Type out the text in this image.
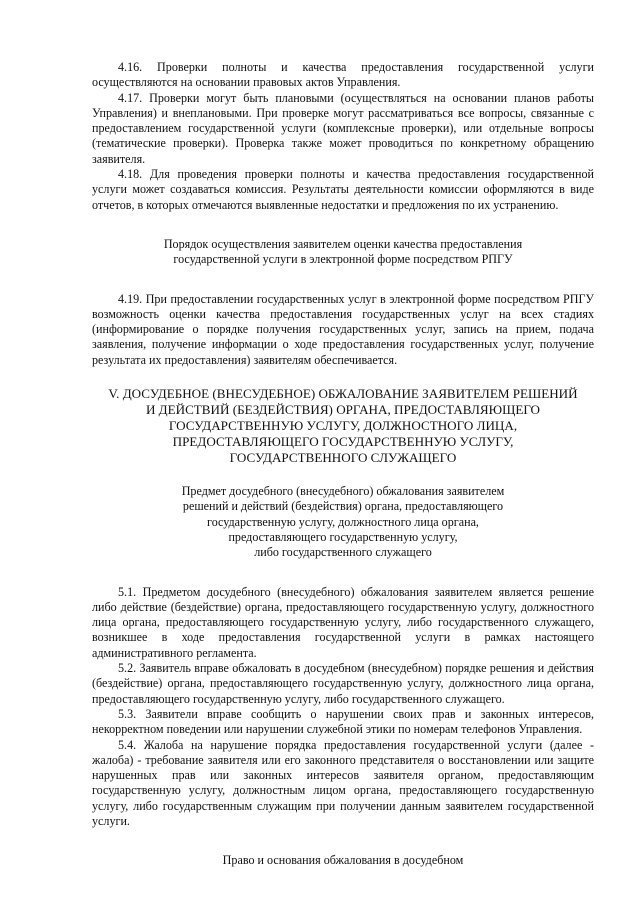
4.16. Проверки полноты и качества предоставления государственной услуги осуществляются на основании правовых актов Управления.

4.17. Проверки могут быть плановыми (осуществляться на основании планов работы Управления) и внеплановыми. При проверке могут рассматриваться все вопросы, связанные с предоставлением государственной услуги (комплексные проверки), или отдельные вопросы (тематические проверки). Проверка также может проводиться по конкретному обращению заявителя.

4.18. Для проведения проверки полноты и качества предоставления государственной услуги может создаваться комиссия. Результаты деятельности комиссии оформляются в виде отчетов, в которых отмечаются выявленные недостатки и предложения по их устранению.

Порядок осуществления заявителем оценки качества предоставления

государственной услуги в электронной форме посредством РПГУ

4.19. При предоставлении государственных услуг в электронной форме посредством РПГУ возможность оценки качества предоставления государственных услуг на всех стадиях (информирование о порядке получения государственных услуг, запись на прием, подача заявления, получение информации о ходе предоставления государственных услуг, получение результата их предоставления) заявителям обеспечивается.

V. ДОСУДЕБНОЕ (ВНЕСУДЕБНОЕ) ОБЖАЛОВАНИЕ ЗАЯВИТЕЛЕМ РЕШЕНИЙ

И ДЕЙСТВИЙ (БЕЗДЕЙСТВИЯ) ОРГАНА, ПРЕДОСТАВЛЯЮЩЕГО

ГОСУДАРСТВЕННУЮ УСЛУГУ, ДОЛЖНОСТНОГО ЛИЦА,

ПРЕДОСТАВЛЯЮЩЕГО ГОСУДАРСТВЕННУЮ УСЛУГУ,

ГОСУДАРСТВЕННОГО СЛУЖАЩЕГО

Предмет досудебного (внесудебного) обжалования заявителем

решений и действий (бездействия) органа, предоставляющего

государственную услугу, должностного лица органа,

предоставляющего государственную услугу,

либо государственного служащего

5.1. Предметом досудебного (внесудебного) обжалования заявителем является решение либо действие (бездействие) органа, предоставляющего государственную услугу, должностного лица органа, предоставляющего государственную услугу, либо государственного служащего, возникшее в ходе предоставления государственной услуги в рамках настоящего административного регламента.

5.2. Заявитель вправе обжаловать в досудебном (внесудебном) порядке решения и действия (бездействие) органа, предоставляющего государственную услугу, должностного лица органа, предоставляющего государственную услугу, либо государственного служащего.

5.3. Заявители вправе сообщить о нарушении своих прав и законных интересов, некорректном поведении или нарушении служебной этики по номерам телефонов Управления.

5.4. Жалоба на нарушение порядка предоставления государственной услуги (далее - жалоба) - требование заявителя или его законного представителя о восстановлении или защите нарушенных прав или законных интересов заявителя органом, предоставляющим государственную услугу, должностным лицом органа, предоставляющего государственную услугу, либо государственным служащим при получении данным заявителем государственной услуги.

Право и основания обжалования в досудебном
